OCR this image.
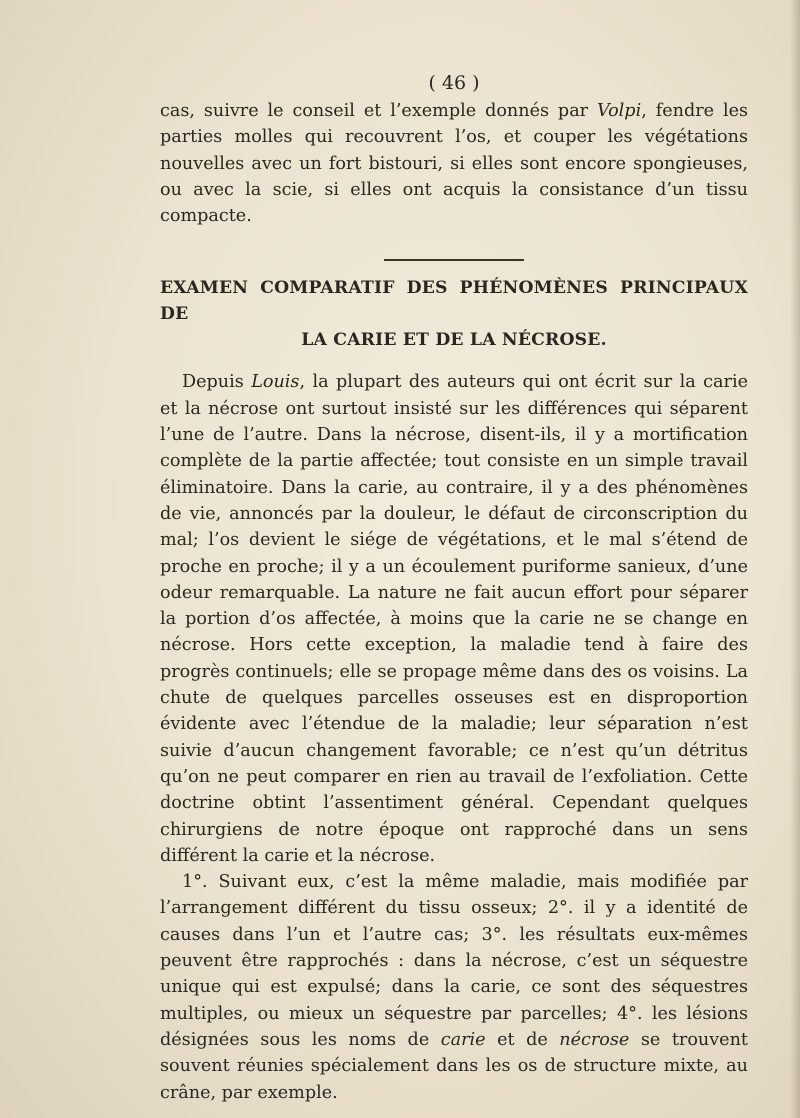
( 46 )

cas, suivre le conseil et l’exemple donnés par Volpi, fendre les parties molles qui recouvrent l’os, et couper les végétations nouvelles avec un fort bistouri, si elles sont encore spongieuses, ou avec la scie, si elles ont acquis la consistance d’un tissu compacte.

EXAMEN COMPARATIF DES PHÉNOMÈNES PRINCIPAUX DE
LA CARIE ET DE LA NÉCROSE.

Depuis Louis, la plupart des auteurs qui ont écrit sur la carie et la nécrose ont surtout insisté sur les différences qui séparent l’une de l’autre. Dans la nécrose, disent-ils, il y a mortification complète de la partie affectée; tout consiste en un simple travail éliminatoire. Dans la carie, au contraire, il y a des phénomènes de vie, annoncés par la douleur, le défaut de circonscription du mal; l’os devient le siége de végétations, et le mal s’étend de proche en proche; il y a un écoulement puriforme sanieux, d’une odeur remarquable. La nature ne fait aucun effort pour séparer la portion d’os affectée, à moins que la carie ne se change en nécrose. Hors cette exception, la maladie tend à faire des progrès continuels; elle se propage même dans des os voisins. La chute de quelques parcelles osseuses est en disproportion évidente avec l’étendue de la maladie; leur séparation n’est suivie d’aucun changement favorable; ce n’est qu’un détritus qu’on ne peut comparer en rien au travail de l’exfoliation. Cette doctrine obtint l’assentiment général. Cependant quelques chirurgiens de notre époque ont rapproché dans un sens différent la carie et la nécrose.

1°. Suivant eux, c’est la même maladie, mais modifiée par l’arrangement différent du tissu osseux; 2°. il y a identité de causes dans l’un et l’autre cas; 3°. les résultats eux-mêmes peuvent être rapprochés : dans la nécrose, c’est un séquestre unique qui est expulsé; dans la carie, ce sont des séquestres multiples, ou mieux un séquestre par parcelles; 4°. les lésions désignées sous les noms de carie et de nécrose se trouvent souvent réunies spécialement dans les os de structure mixte, au crâne, par exemple.
